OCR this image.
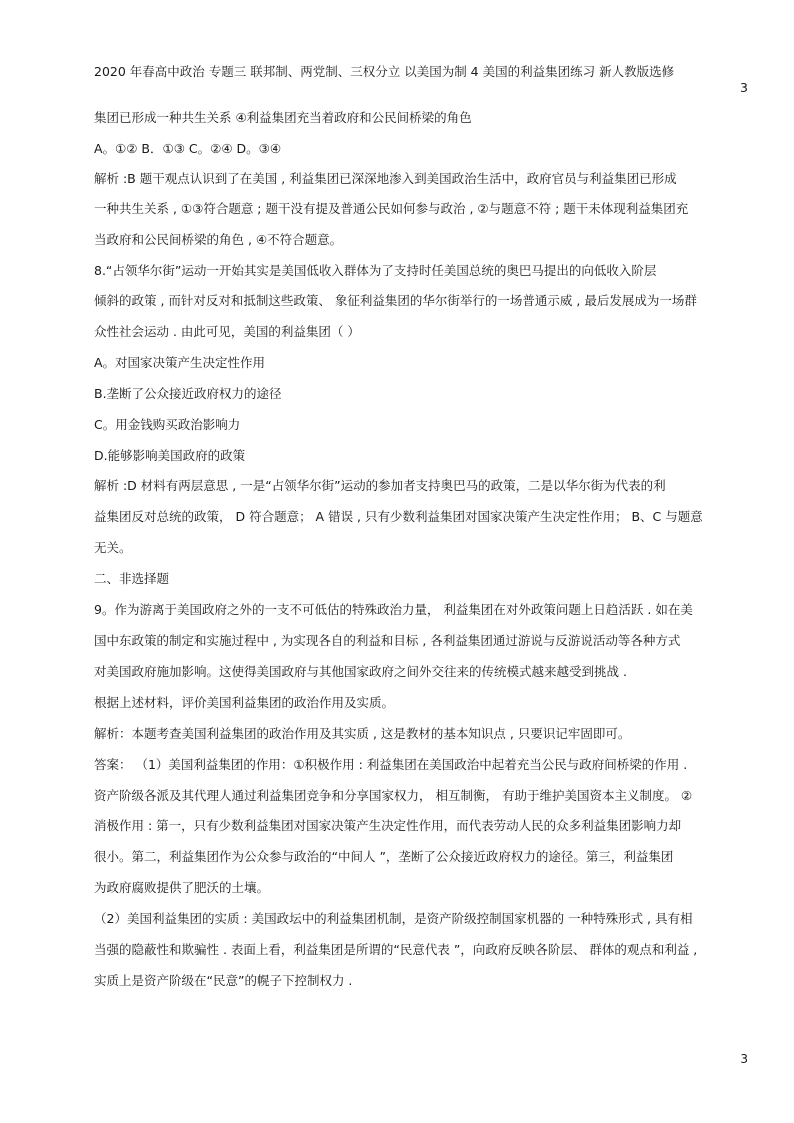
2020 年春高中政治 专题三 联邦制、两党制、三权分立 以美国为制 4 美国的利益集团练习 新人教版选修
3
集团已形成一种共生关系 ④利益集团充当着政府和公民间桥梁的角色
A。①② B．①③ C。②④ D。③④
解析 :B 题干观点认识到了在美国 , 利益集团已深深地渗入到美国政治生活中，政府官员与利益集团已形成
一种共生关系 , ①③符合题意 ; 题干没有提及普通公民如何参与政治 , ②与题意不符 ; 题干未体现利益集团充
当政府和公民间桥梁的角色 , ④不符合题意。
8.“占领华尔街”运动一开始其实是美国低收入群体为了支持时任美国总统的奥巴马提出的向低收入阶层
倾斜的政策 , 而针对反对和抵制这些政策、 象征利益集团的华尔街举行的一场普通示威 , 最后发展成为一场群
众性社会运动 . 由此可见，美国的利益集团（ ）
A。对国家决策产生决定性作用
B.垄断了公众接近政府权力的途径
C。用金钱购买政治影响力
D.能够影响美国政府的政策
解析 :D 材料有两层意思 , 一是“占领华尔街”运动的参加者支持奥巴马的政策，二是以华尔街为代表的利
益集团反对总统的政策， D 符合题意； A 错误 , 只有少数利益集团对国家决策产生决定性作用； B、C 与题意
无关。
二、非选择题
9。作为游离于美国政府之外的一支不可低估的特殊政治力量， 利益集团在对外政策问题上日趋活跃 . 如在美
国中东政策的制定和实施过程中 , 为实现各自的利益和目标 , 各利益集团通过游说与反游说活动等各种方式
对美国政府施加影响。这使得美国政府与其他国家政府之间外交往来的传统模式越来越受到挑战 .
根据上述材料，评价美国利益集团的政治作用及实质。
解析：本题考查美国利益集团的政治作用及其实质 , 这是教材的基本知识点 , 只要识记牢固即可。
答案： （1）美国利益集团的作用：①积极作用 : 利益集团在美国政治中起着充当公民与政府间桥梁的作用 .
资产阶级各派及其代理人通过利益集团竞争和分享国家权力， 相互制衡， 有助于维护美国资本主义制度。 ②
消极作用 : 第一，只有少数利益集团对国家决策产生决定性作用，而代表劳动人民的众多利益集团影响力却
很小。第二，利益集团作为公众参与政治的“中间人 ”，垄断了公众接近政府权力的途径。第三，利益集团
为政府腐败提供了肥沃的土壤。
（2）美国利益集团的实质 : 美国政坛中的利益集团机制，是资产阶级控制国家机器的 一种特殊形式 , 具有相
当强的隐蔽性和欺骗性 . 表面上看，利益集团是所谓的“民意代表 ”，向政府反映各阶层、 群体的观点和利益 ,
实质上是资产阶级在“民意”的幌子下控制权力 .
3
